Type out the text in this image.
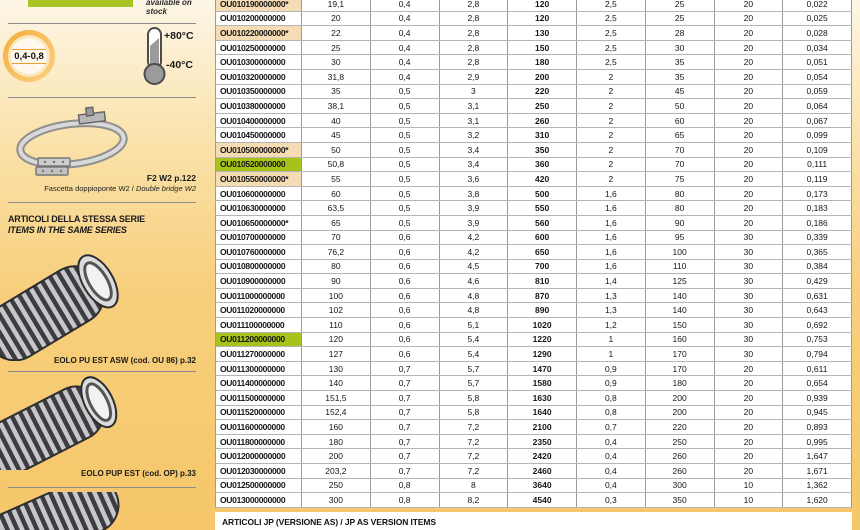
available on stock
0,4-0,8
+80°C
-40°C
F2 W2 p.122
Fascetta doppioponte W2 / Double bridge W2
ARTICOLI DELLA STESSA SERIE
ITEMS IN THE SAME SERIES
EOLO PU EST ASW (cod. OU 86) p.32
EOLO PUP EST (cod. OP) p.33
OU010190000000*	19,1	0,4	2,8	120	2,5	25	20	0,022
OU010200000000	20	0,4	2,8	120	2,5	25	20	0,025
OU010220000000*	22	0,4	2,8	130	2,5	28	20	0,028
OU010250000000	25	0,4	2,8	150	2,5	30	20	0,034
OU010300000000	30	0,4	2,8	180	2,5	35	20	0,051
OU010320000000	31,8	0,4	2,9	200	2	35	20	0,054
OU010350000000	35	0,5	3	220	2	45	20	0,059
OU010380000000	38,1	0,5	3,1	250	2	50	20	0,064
OU010400000000	40	0,5	3,1	260	2	60	20	0,067
OU010450000000	45	0,5	3,2	310	2	65	20	0,099
OU010500000000*	50	0,5	3,4	350	2	70	20	0,109
OU010520000000	50,8	0,5	3,4	360	2	70	20	0,111
OU010550000000*	55	0,5	3,6	420	2	75	20	0,119
OU010600000000	60	0,5	3,8	500	1,6	80	20	0,173
OU010630000000	63,5	0,5	3,9	550	1,6	80	20	0,183
OU010650000000*	65	0,5	3,9	560	1,6	90	20	0,186
OU010700000000	70	0,6	4,2	600	1,6	95	30	0,339
OU010760000000	76,2	0,6	4,2	650	1,6	100	30	0,365
OU010800000000	80	0,6	4,5	700	1,6	110	30	0,384
OU010900000000	90	0,6	4,6	810	1,4	125	30	0,429
OU011000000000	100	0,6	4,8	870	1,3	140	30	0,631
OU011020000000	102	0,6	4,8	890	1,3	140	30	0,643
OU011100000000	110	0,6	5,1	1020	1,2	150	30	0,692
OU011200000000	120	0,6	5,4	1220	1	160	30	0,753
OU011270000000	127	0,6	5,4	1290	1	170	30	0,794
OU011300000000	130	0,7	5,7	1470	0,9	170	20	0,611
OU011400000000	140	0,7	5,7	1580	0,9	180	20	0,654
OU011500000000	151,5	0,7	5,8	1630	0,8	200	20	0,939
OU011520000000	152,4	0,7	5,8	1640	0,8	200	20	0,945
OU011600000000	160	0,7	7,2	2100	0,7	220	20	0,893
OU011800000000	180	0,7	7,2	2350	0,4	250	20	0,995
OU012000000000	200	0,7	7,2	2420	0,4	260	20	1,647
OU012030000000	203,2	0,7	7,2	2460	0,4	260	20	1,671
OU012500000000	250	0,8	8	3640	0,4	300	10	1,362
OU013000000000	300	0,8	8,2	4540	0,3	350	10	1,620
ARTICOLI JP (VERSIONE AS) / JP AS VERSION ITEMS
